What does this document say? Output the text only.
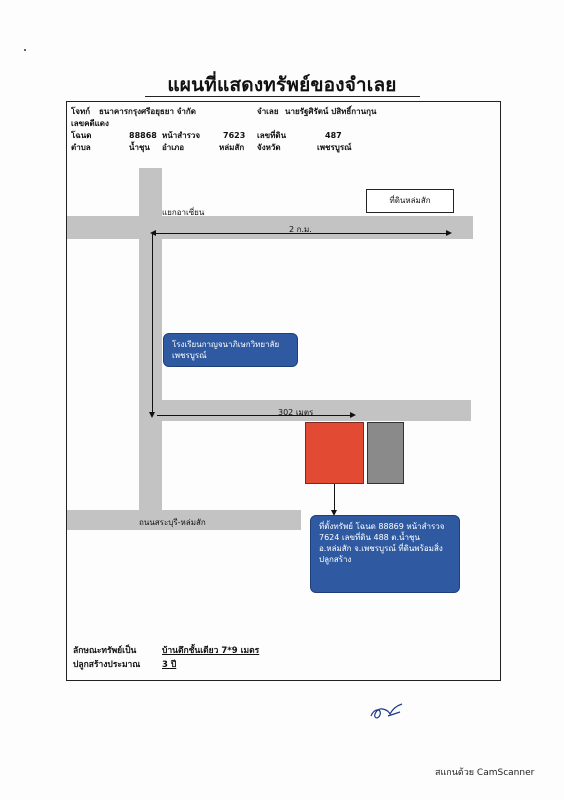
แผนที่แสดงทรัพย์ของจำเลย
โจทก์ ธนาคารกรุงศรีอยุธยา จำกัด	จำเลย นายรัฐศิรัตน์ ปสิทธิ์กานกุน
เลขคดีแดง
โฉนด	88868 หน้าสำรวจ	7623 เลขที่ดิน	487
ตำบล	น้ำชุน อำเภอ	หล่มสัก จังหวัด	เพชรบูรณ์
ที่ดินหล่มสัก
แยกอาเซี่ยน
2 ก.ม.
โรงเรียนกาญจนาภิเษกวิทยาลัย เพชรบูรณ์
302 เมตร
ถนนสระบุรี-หล่มสัก	ที่ตั้งทรัพย์ โฉนด 88869 หน้าสำรวจ 7624 เลขที่ดิน 488 ต.น้ำชุน อ.หล่มสัก จ.เพชรบูรณ์ ที่ดินพร้อมสิ่งปลูกสร้าง
ลักษณะทรัพย์เป็น	บ้านตึกชั้นเดียว 7*9 เมตร
ปลูกสร้างประมาณ	3 ปี
สแกนด้วย CamScanner
